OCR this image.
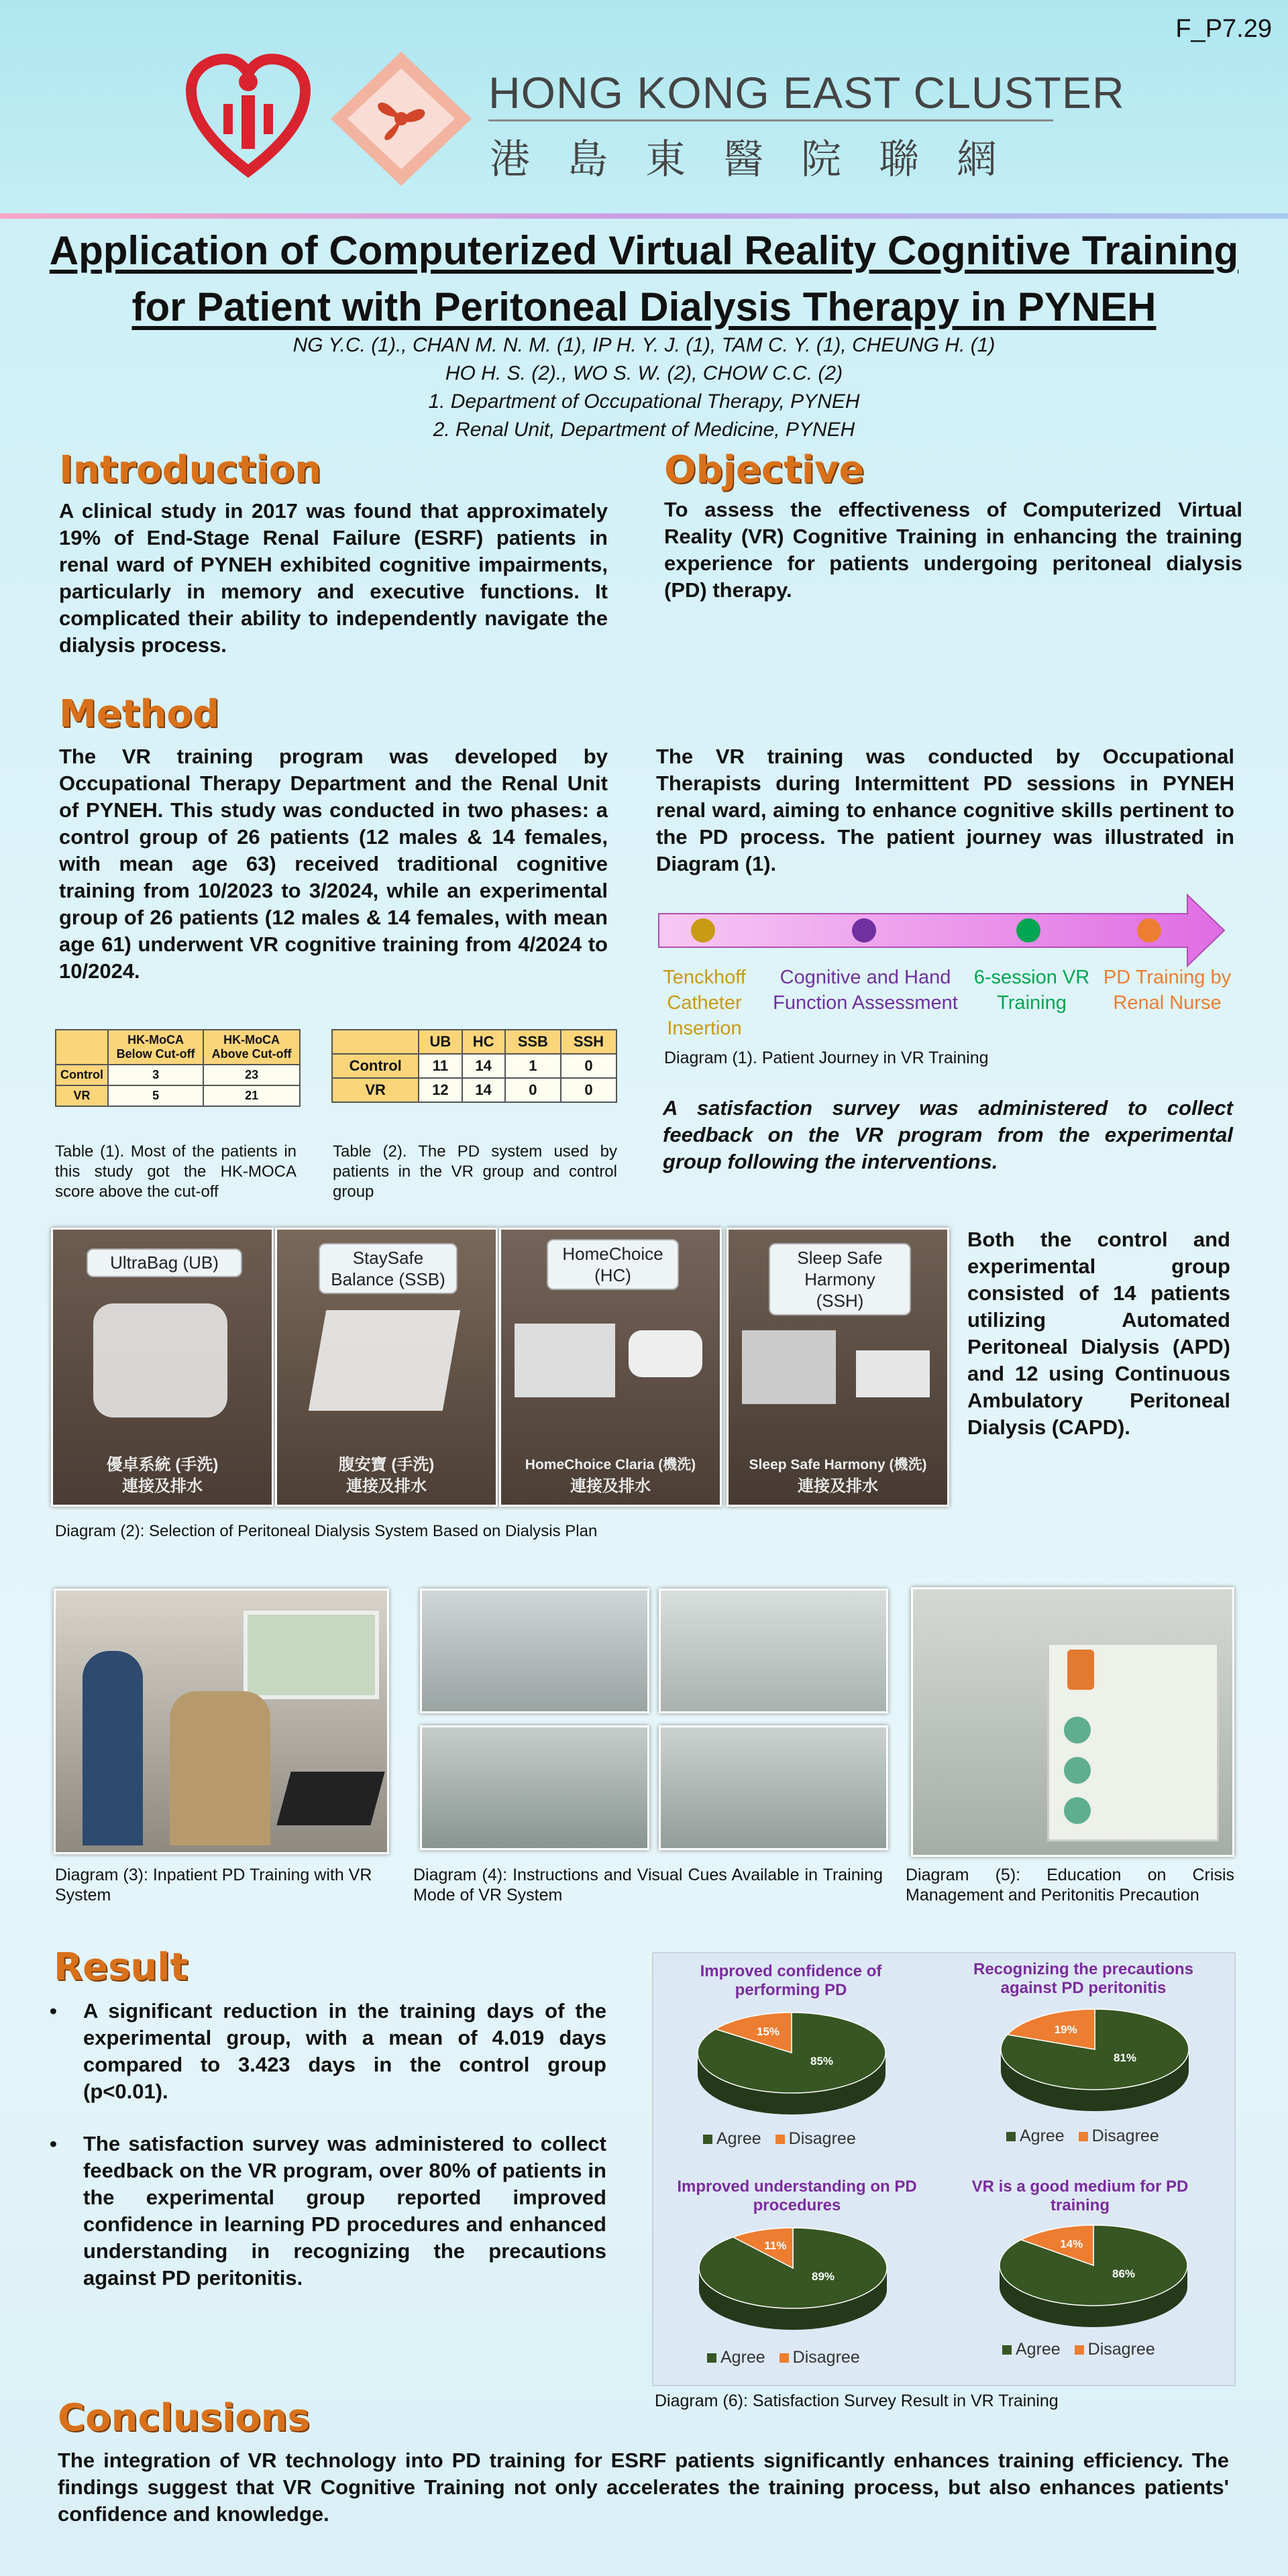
F_P7.29
HONG KONG EAST CLUSTER
港島東醫院聯網
Application of Computerized Virtual Reality Cognitive Training
for Patient with Peritoneal Dialysis Therapy in PYNEH
NG Y.C. (1)., CHAN M. N. M. (1), IP H. Y. J. (1), TAM C. Y. (1), CHEUNG H. (1)
HO H. S. (2)., WO S. W. (2), CHOW C.C. (2)
1. Department of Occupational Therapy, PYNEH
2. Renal Unit, Department of Medicine, PYNEH
Introduction
A clinical study in 2017 was found that approximately 19% of End-Stage Renal Failure (ESRF) patients in renal ward of PYNEH exhibited cognitive impairments, particularly in memory and executive functions. It complicated their ability to independently navigate the dialysis process.
Objective
To assess the effectiveness of Computerized Virtual Reality (VR) Cognitive Training in enhancing the training experience for patients undergoing peritoneal dialysis (PD) therapy.
Method
The VR training program was developed by Occupational Therapy Department and the Renal Unit of PYNEH. This study was conducted in two phases: a control group of 26 patients (12 males & 14 females, with mean age 63) received traditional cognitive training from 10/2023 to 3/2024, while an experimental group of 26 patients (12 males & 14 females, with mean age 61) underwent VR cognitive training from 4/2024 to 10/2024.
The VR training was conducted by Occupational Therapists during Intermittent PD sessions in PYNEH renal ward, aiming to enhance cognitive skills pertinent to the PD process. The patient journey was illustrated in Diagram (1).
	HK-MoCA Below Cut-off	HK-MoCA Above Cut-off
Control	3	23
VR	5	21
Table (1). Most of the patients in this study got the HK-MOCA score above the cut-off
	UB	HC	SSB	SSH
Control	11	14	1	0
VR	12	14	0	0
Table (2). The PD system used by patients in the VR group and control group
Tenckhoff Catheter Insertion
Cognitive and Hand Function Assessment
6-session VR Training
PD Training by Renal Nurse
Diagram (1). Patient Journey in VR Training
A satisfaction survey was administered to collect feedback on the VR program from the experimental group following the interventions.
UltraBag (UB)
優卓系統 (手洗)
連接及排水
StaySafe Balance (SSB)
腹安寶 (手洗)
連接及排水
HomeChoice (HC)
HomeChoice Claria (機洗)
連接及排水
Sleep Safe Harmony (SSH)
Sleep Safe Harmony (機洗)
連接及排水
Both the control and experimental group consisted of 14 patients utilizing Automated Peritoneal Dialysis (APD) and 12 using Continuous Ambulatory Peritoneal Dialysis (CAPD).
Diagram (2): Selection of Peritoneal Dialysis System Based on Dialysis Plan
Diagram (3): Inpatient PD Training with VR System
Diagram (4): Instructions and Visual Cues Available in Training Mode of VR System
Diagram (5): Education on Crisis Management and Peritonitis Precaution
Result
•	A significant reduction in the training days of the experimental group, with a mean of 4.019 days compared to 3.423 days in the control group (p<0.01).
•	The satisfaction survey was administered to collect feedback on the VR program, over 80% of patients in the experimental group reported improved confidence in learning PD procedures and enhanced understanding in recognizing the precautions against PD peritonitis.
Improved confidence of performing PD
15%
85%
Agree Disagree
Recognizing the precautions against PD peritonitis
19%
81%
Agree Disagree
Improved understanding on PD procedures
11%
89%
Agree Disagree
VR is a good medium for PD training
14%
86%
Agree Disagree
Diagram (6): Satisfaction Survey Result in VR Training
Conclusions
The integration of VR technology into PD training for ESRF patients significantly enhances training efficiency. The findings suggest that VR Cognitive Training not only accelerates the training process, but also enhances patients' confidence and knowledge.
